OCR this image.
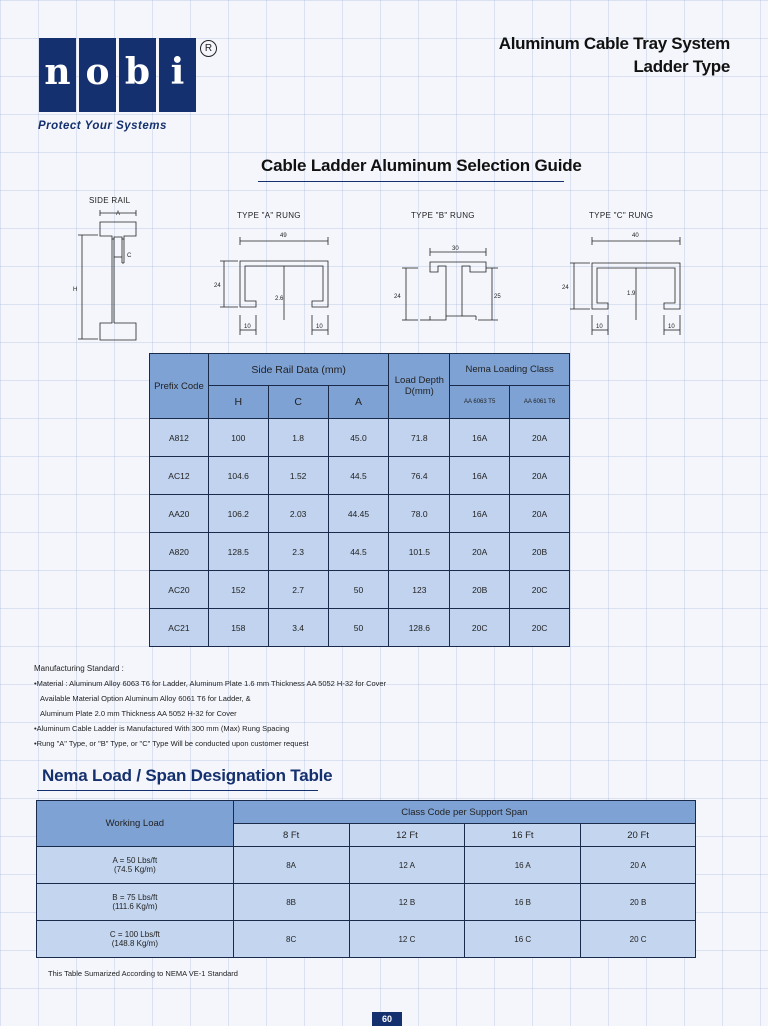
n o b i
R
Protect Your Systems
Aluminum Cable Tray System
Ladder Type
Cable Ladder Aluminum Selection Guide
SIDE RAIL
TYPE "A" RUNG	TYPE "B" RUNG	TYPE "C" RUNG
A
C
H
49
24
2.6
10	10
30
24	25
40
24
1.9
10	10
Prefix Code	Side Rail Data (mm)			Load Depth D(mm)	Nema Loading Class	
	H	C	A		AA 6063 T5	AA 6061 T6
A812	100	1.8	45.0	71.8	16A	20A
AC12	104.6	1.52	44.5	76.4	16A	20A
AA20	106.2	2.03	44.45	78.0	16A	20A
A820	128.5	2.3	44.5	101.5	20A	20B
AC20	152	2.7	50	123	20B	20C
AC21	158	3.4	50	128.6	20C	20C
Manufacturing Standard :
•Material : Aluminum Alloy 6063 T6 for Ladder, Aluminum Plate 1.6 mm Thickness AA 5052 H-32 for Cover
Available Material Option Aluminum Alloy 6061 T6 for Ladder, &
Aluminum Plate 2.0 mm Thickness AA 5052 H-32 for Cover
•Aluminum Cable Ladder is Manufactured With 300 mm (Max) Rung Spacing
•Rung "A" Type, or "B" Type, or "C" Type Will be conducted upon customer request
Nema Load / Span Designation Table
Working Load	Class Code per Support Span			
	8 Ft	12 Ft	16 Ft	20 Ft

A = 50 Lbs/ft
(74.5 Kg/m)	8A	12 A	16 A	20 A

B = 75 Lbs/ft
(111.6 Kg/m)	8B	12 B	16 B	20 B

C = 100 Lbs/ft
(148.8 Kg/m)	8C	12 C	16 C	20 C
This Table Sumarized According to NEMA VE-1 Standard
60
